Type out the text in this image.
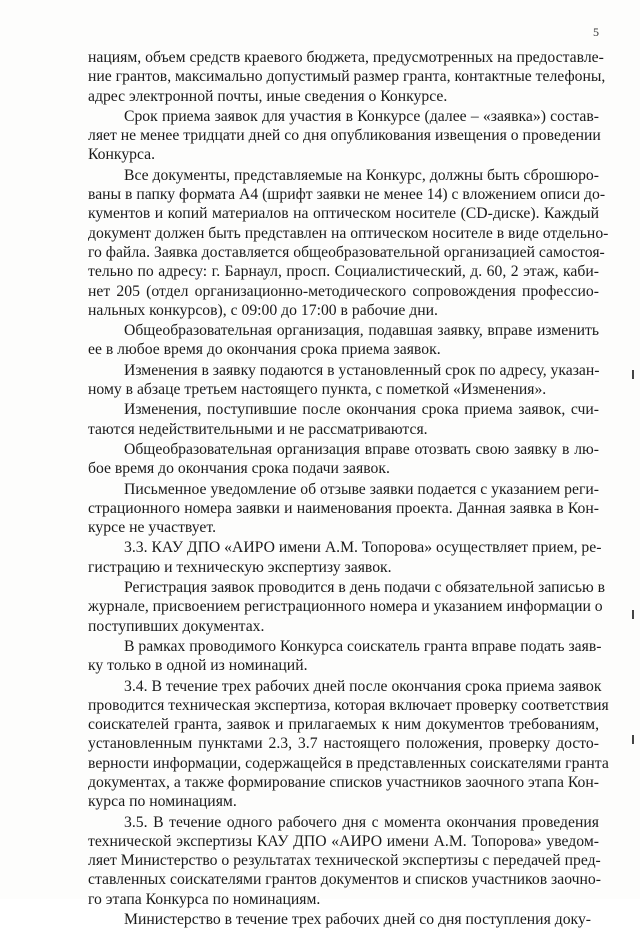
5
нациям, объем средств краевого бюджета, предусмотренных на предоставле-
ние грантов, максимально допустимый размер гранта, контактные телефоны,
адрес электронной почты, иные сведения о Конкурсе.
Срок приема заявок для участия в Конкурсе (далее – «заявка») состав-
ляет не менее тридцати дней со дня опубликования извещения о проведении
Конкурса.
Все документы, представляемые на Конкурс, должны быть сброшюро-
ваны в папку формата А4 (шрифт заявки не менее 14) с вложением описи до-
кументов и копий материалов на оптическом носителе (CD-диске). Каждый
документ должен быть представлен на оптическом носителе в виде отдельно-
го файла. Заявка доставляется общеобразовательной организацией самостоя-
тельно по адресу: г. Барнаул, просп. Социалистический, д. 60, 2 этаж, каби-
нет 205 (отдел организационно-методического сопровождения профессио-
нальных конкурсов), с 09:00 до 17:00 в рабочие дни.
Общеобразовательная организация, подавшая заявку, вправе изменить
ее в любое время до окончания срока приема заявок.
Изменения в заявку подаются в установленный срок по адресу, указан-
ному в абзаце третьем настоящего пункта, с пометкой «Изменения».
Изменения, поступившие после окончания срока приема заявок, счи-
таются недействительными и не рассматриваются.
Общеобразовательная организация вправе отозвать свою заявку в лю-
бое время до окончания срока подачи заявок.
Письменное уведомление об отзыве заявки подается с указанием реги-
страционного номера заявки и наименования проекта. Данная заявка в Кон-
курсе не участвует.
3.3. КАУ ДПО «АИРО имени А.М. Топорова» осуществляет прием, ре-
гистрацию и техническую экспертизу заявок.
Регистрация заявок проводится в день подачи с обязательной записью в
журнале, присвоением регистрационного номера и указанием информации о
поступивших документах.
В рамках проводимого Конкурса соискатель гранта вправе подать заяв-
ку только в одной из номинаций.
3.4. В течение трех рабочих дней после окончания срока приема заявок
проводится техническая экспертиза, которая включает проверку соответствия
соискателей гранта, заявок и прилагаемых к ним документов требованиям,
установленным пунктами 2.3, 3.7 настоящего положения, проверку досто-
верности информации, содержащейся в представленных соискателями гранта
документах, а также формирование списков участников заочного этапа Кон-
курса по номинациям.
3.5. В течение одного рабочего дня с момента окончания проведения
технической экспертизы КАУ ДПО «АИРО имени А.М. Топорова» уведом-
ляет Министерство о результатах технической экспертизы с передачей пред-
ставленных соискателями грантов документов и списков участников заочно-
го этапа Конкурса по номинациям.
Министерство в течение трех рабочих дней со дня поступления доку-
